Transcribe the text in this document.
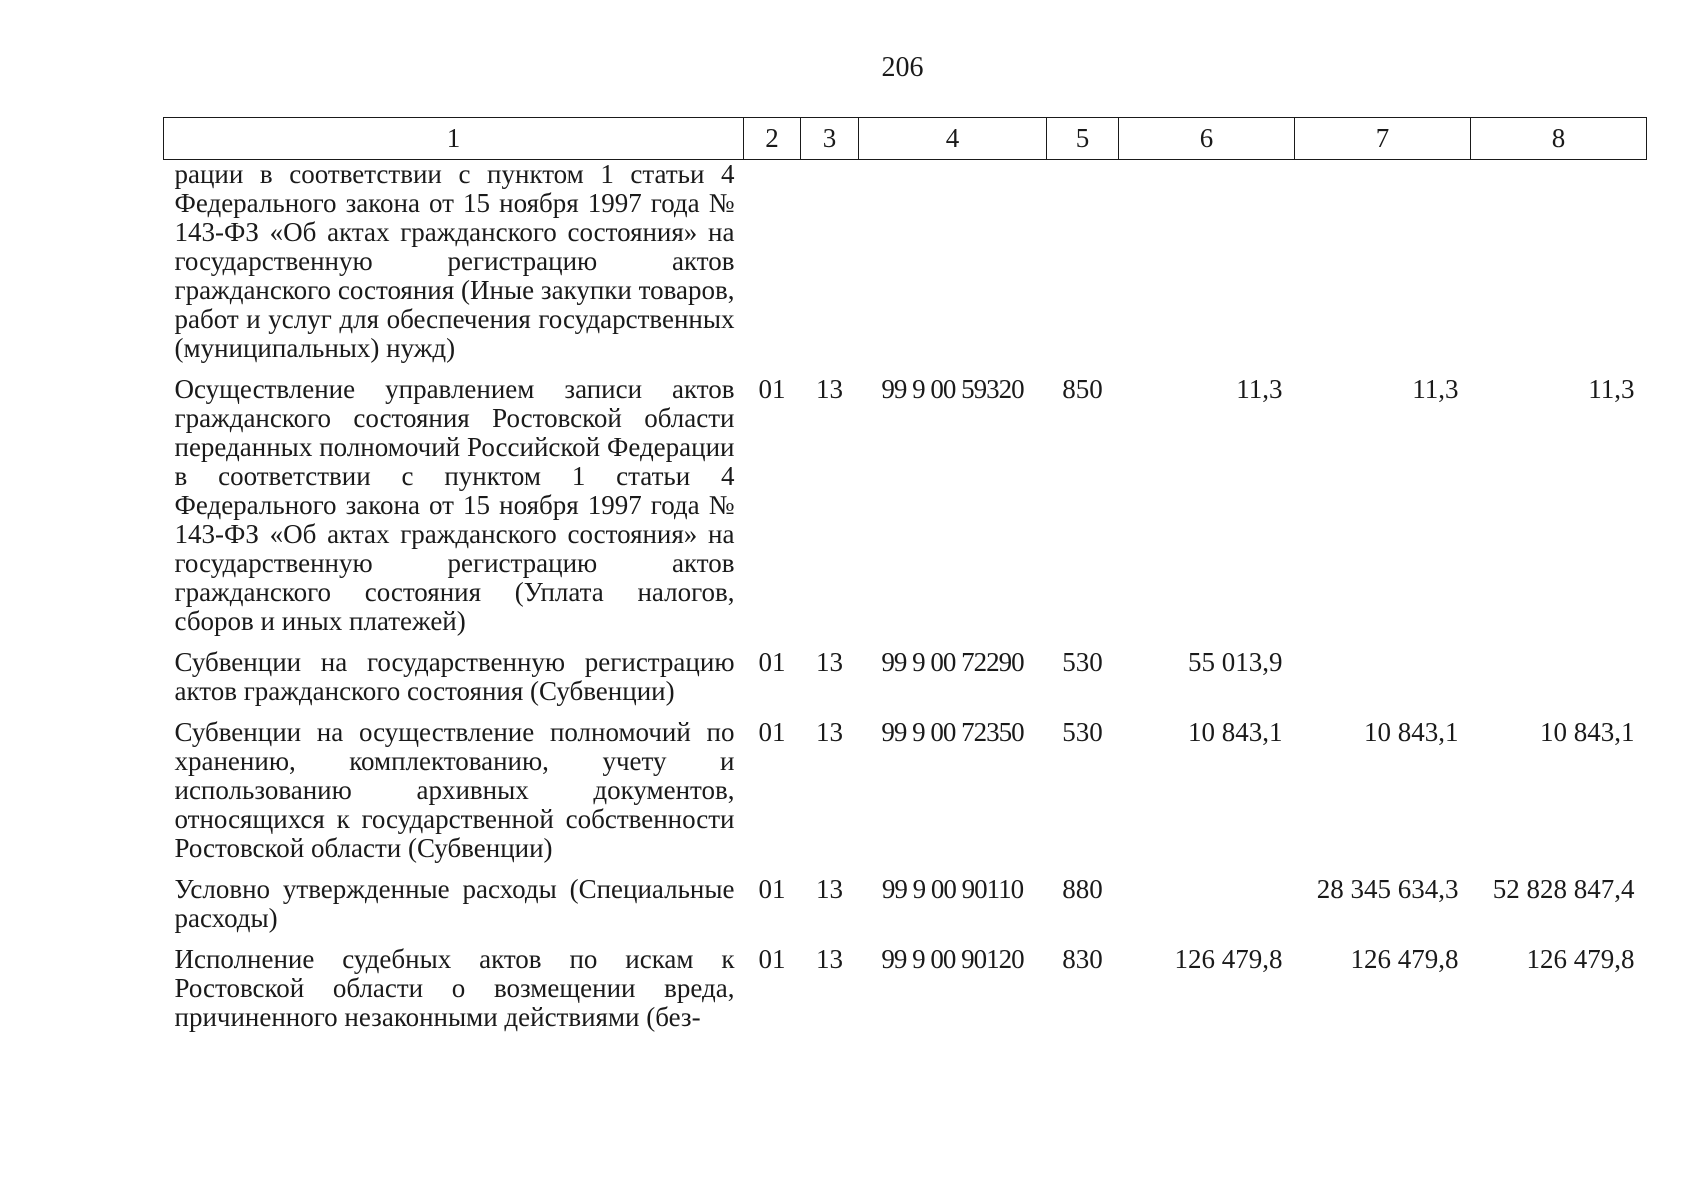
206
1	2	3	4	5	6	7	8
рации в соответствии с пунктом 1 статьи 4 Федерального закона от 15 ноября 1997 года № 143-ФЗ «Об актах гражданского состояния» на государственную регистрацию актов гражданского состояния (Иные закупки товаров, работ и услуг для обеспечения государственных (муниципальных) нужд)							
Осуществление управлением записи актов гражданского состояния Ростовской области переданных полномочий Российской Федерации в соответствии с пунктом 1 статьи 4 Федерального закона от 15 ноября 1997 года № 143-ФЗ «Об актах гражданского состояния» на государственную регистрацию актов гражданского состояния (Уплата налогов, сборов и иных платежей)	01	13	99 9 00 59320	850	11,3	11,3	11,3
Субвенции на государственную регистрацию актов гражданского состояния (Субвенции)	01	13	99 9 00 72290	530	55 013,9		
Субвенции на осуществление полномочий по хранению, комплектованию, учету и использованию архивных документов, относящихся к государственной собственности Ростовской области (Субвенции)	01	13	99 9 00 72350	530	10 843,1	10 843,1	10 843,1
Условно утвержденные расходы (Специальные расходы)	01	13	99 9 00 90110	880		28 345 634,3	52 828 847,4
Исполнение судебных актов по искам к Ростовской области о возмещении вреда, причиненного незаконными действиями (без-	01	13	99 9 00 90120	830	126 479,8	126 479,8	126 479,8
